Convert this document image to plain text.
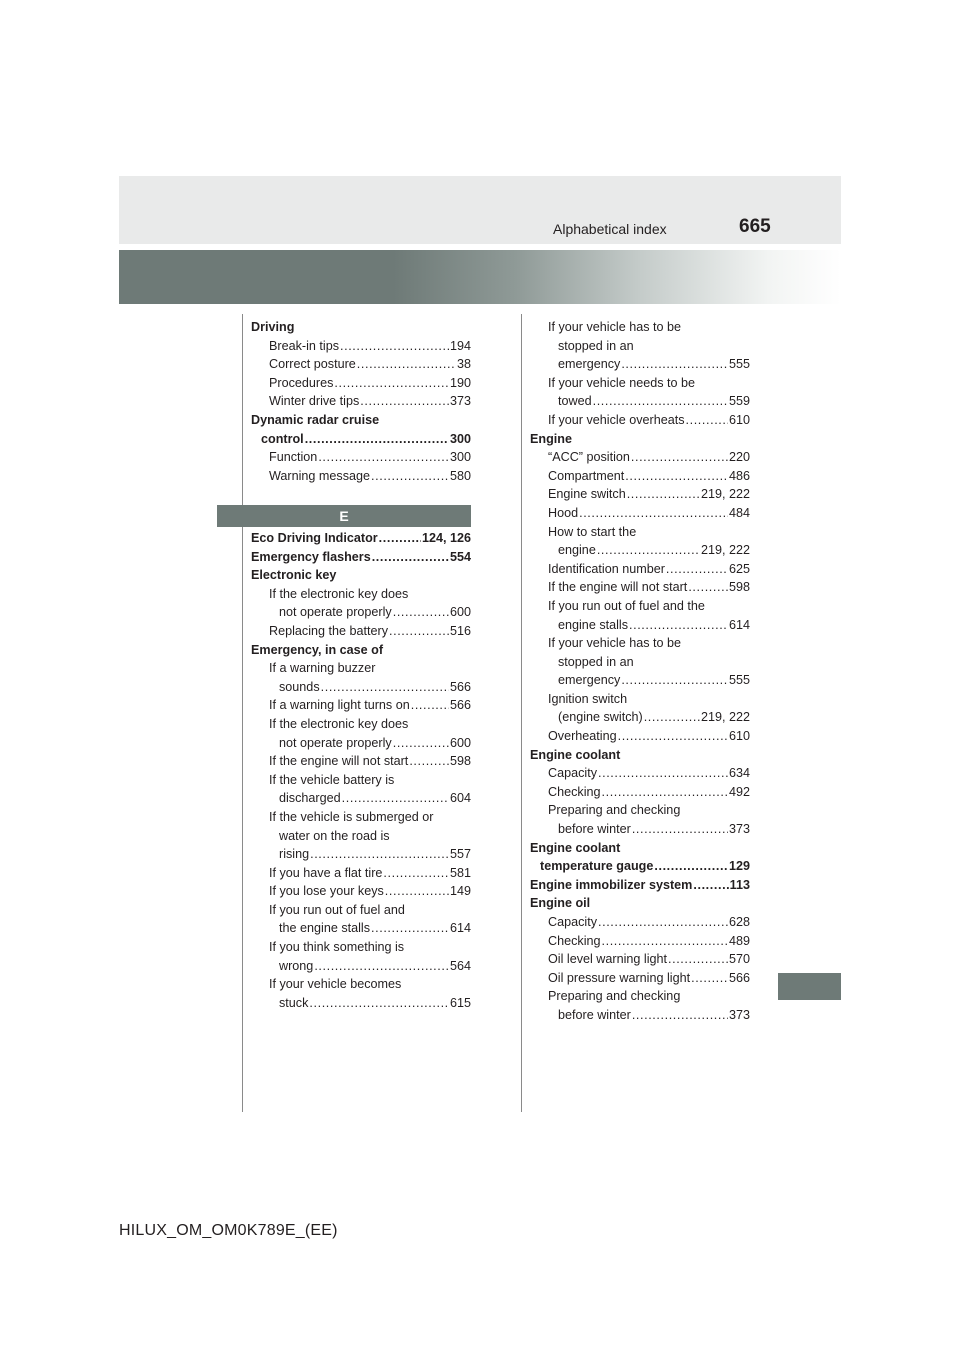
Alphabetical index	665
Driving
Break-in tips .....	194
Correct posture .....	38
Procedures .....	190
Winter drive tips .....	373
Dynamic radar cruise
control .....	300
Function .....	300
Warning message .....	580
E
Eco Driving Indicator .....	124, 126
Emergency flashers .....	554
Electronic key
If the electronic key does
not operate properly .....	600
Replacing the battery .....	516
Emergency, in case of
If a warning buzzer
sounds .....	566
If a warning light turns on .....	566
If the electronic key does
not operate properly .....	600
If the engine will not start .....	598
If the vehicle battery is
discharged .....	604
If the vehicle is submerged or
water on the road is
rising .....	557
If you have a flat tire .....	581
If you lose your keys .....	149
If you run out of fuel and
the engine stalls .....	614
If you think something is
wrong .....	564
If your vehicle becomes
stuck .....	615
If your vehicle has to be
stopped in an
emergency .....	555
If your vehicle needs to be
towed .....	559
If your vehicle overheats .....	610
Engine
“ACC” position .....	220
Compartment .....	486
Engine switch .....	219, 222
Hood .....	484
How to start the
engine .....	219, 222
Identification number .....	625
If the engine will not start .....	598
If you run out of fuel and the
engine stalls .....	614
If your vehicle has to be
stopped in an
emergency .....	555
Ignition switch
(engine switch) .....	219, 222
Overheating .....	610
Engine coolant
Capacity .....	634
Checking .....	492
Preparing and checking
before winter .....	373
Engine coolant
temperature gauge .....	129
Engine immobilizer system .....	113
Engine oil
Capacity .....	628
Checking .....	489
Oil level warning light .....	570
Oil pressure warning light .....	566
Preparing and checking
before winter .....	373
HILUX_OM_OM0K789E_(EE)
